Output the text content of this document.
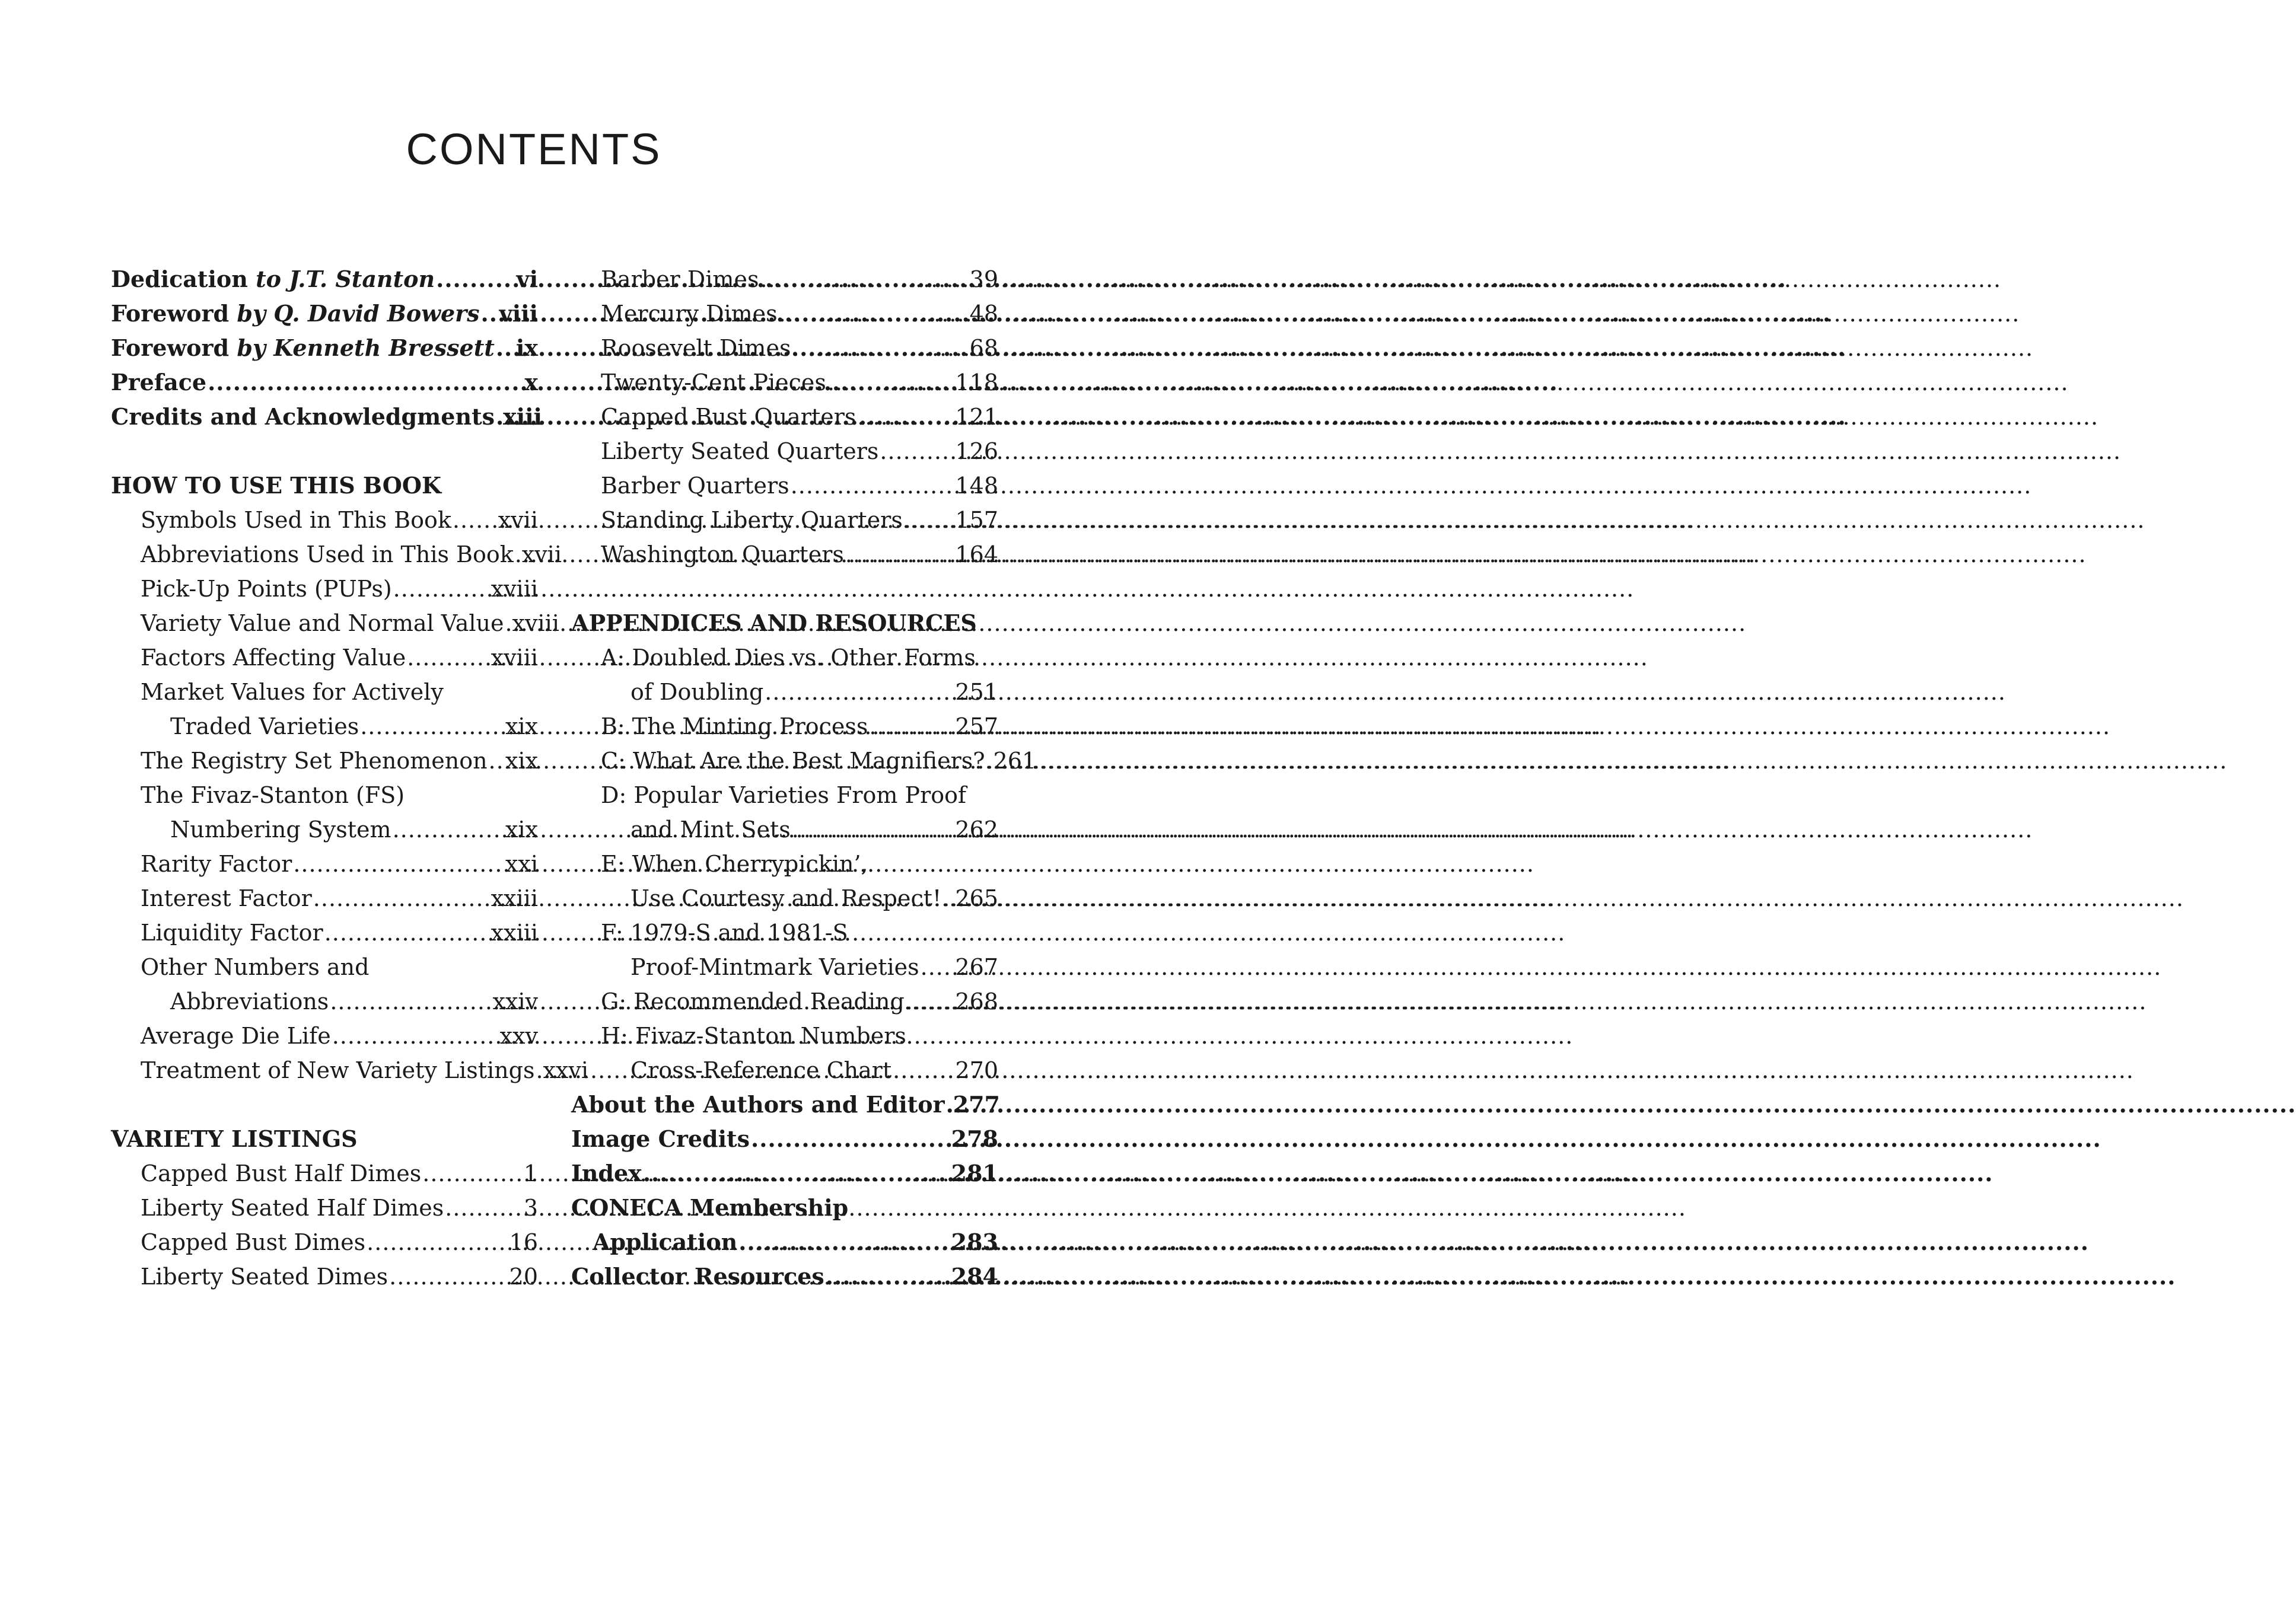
CONTENTS
Dedication to J.T. Stanton .....	vi
Foreword by Q. David Bowers ..... viii
Foreword by Kenneth Bressett ..... ix
Preface .....	x
Credits and Acknowledgments ..... xiii
HOW TO USE THIS BOOK
Symbols Used in This Book ..... xvii
Abbreviations Used in This Book ..... xvii
Pick-Up Points (PUPs) .....	xviii
Variety Value and Normal Value ..... xviii
Factors Affecting Value .....	xviii
Market Values for Actively
Traded Varieties .....	xix
The Registry Set Phenomenon ..... xix
The Fivaz-Stanton (FS)
Numbering System .....	xix
Rarity Factor .....	xxi
Interest Factor .....	xxiii
Liquidity Factor .....	xxiii
Other Numbers and
Abbreviations .....	xxiv
Average Die Life .....	xxv
Treatment of New Variety Listings ..... xxvi
VARIETY LISTINGS
Capped Bust Half Dimes .....	1
Liberty Seated Half Dimes .....	3
Capped Bust Dimes .....	16
Liberty Seated Dimes .....	20
Barber Dimes .....	39
Mercury Dimes .....	48
Roosevelt Dimes .....	68
Twenty-Cent Pieces .....	118
Capped Bust Quarters .....	121
Liberty Seated Quarters .....	126
Barber Quarters .....	148
Standing Liberty Quarters ..... 157
Washington Quarters .....	164
APPENDICES AND RESOURCES
A: Doubled Dies vs. Other Forms
of Doubling .....	251
B: The Minting Process .....	257
C: What Are the Best Magnifiers? ..... 261
D: Popular Varieties From Proof
and Mint Sets .....	262
E: When Cherrypickin’,
Use Courtesy and Respect! ..... 265
F: 1979-S and 1981-S
Proof-Mintmark Varieties ..... 267
G: Recommended Reading ..... 268
H: Fivaz-Stanton Numbers
Cross-Reference Chart .....	270
About the Authors and Editor ..... 277
Image Credits .....	278
Index .....	281
CONECA Membership
Application .....	283
Collector Resources .....	284
